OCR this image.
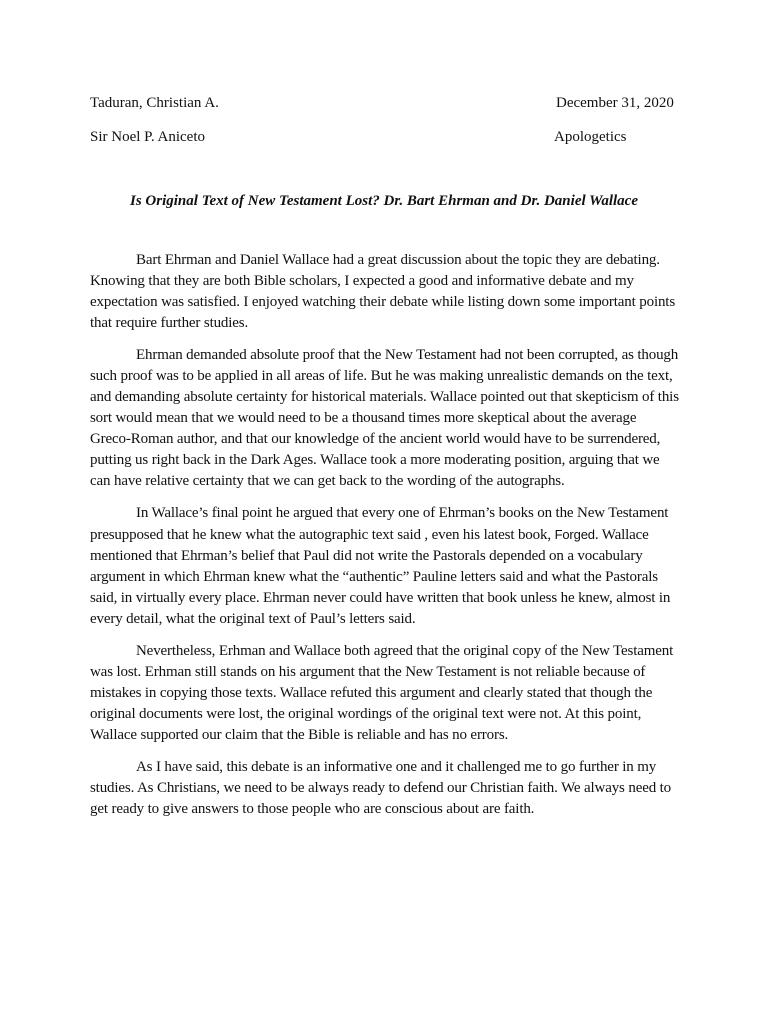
Taduran, Christian A.	December 31, 2020
Sir Noel P. Aniceto	Apologetics
Is Original Text of New Testament Lost? Dr. Bart Ehrman and Dr. Daniel Wallace

Bart Ehrman and Daniel Wallace had a great discussion about the topic they are debating. Knowing that they are both Bible scholars, I expected a good and informative debate and my expectation was satisfied. I enjoyed watching their debate while listing down some important points that require further studies.

Ehrman demanded absolute proof that the New Testament had not been corrupted, as though such proof was to be applied in all areas of life. But he was making unrealistic demands on the text, and demanding absolute certainty for historical materials. Wallace pointed out that skepticism of this sort would mean that we would need to be a thousand times more skeptical about the average Greco-Roman author, and that our knowledge of the ancient world would have to be surrendered, putting us right back in the Dark Ages. Wallace took a more moderating position, arguing that we can have relative certainty that we can get back to the wording of the autographs.

In Wallace’s final point he argued that every one of Ehrman’s books on the New Testament presupposed that he knew what the autographic text said , even his latest book, Forged. Wallace mentioned that Ehrman’s belief that Paul did not write the Pastorals depended on a vocabulary argument in which Ehrman knew what the “authentic” Pauline letters said and what the Pastorals said, in virtually every place. Ehrman never could have written that book unless he knew, almost in every detail, what the original text of Paul’s letters said.

Nevertheless, Erhman and Wallace both agreed that the original copy of the New Testament was lost. Erhman still stands on his argument that the New Testament is not reliable because of mistakes in copying those texts. Wallace refuted this argument and clearly stated that though the original documents were lost, the original wordings of the original text were not. At this point, Wallace supported our claim that the Bible is reliable and has no errors.

As I have said, this debate is an informative one and it challenged me to go further in my studies. As Christians, we need to be always ready to defend our Christian faith. We always need to get ready to give answers to those people who are conscious about are faith.
